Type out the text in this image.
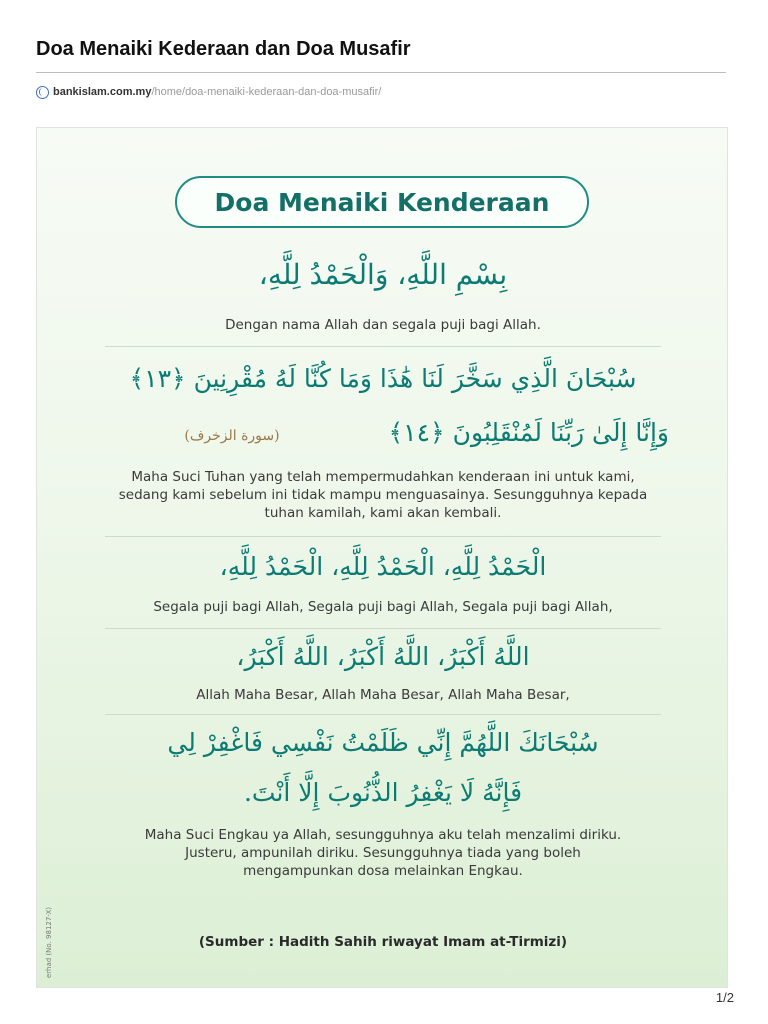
Doa Menaiki Kederaan dan Doa Musafir
bankislam.com.my /home/doa-menaiki-kederaan-dan-doa-musafir/
Doa Menaiki Kenderaan
بِسْمِ اللَّهِ، وَالْحَمْدُ لِلَّهِ،
Dengan nama Allah dan segala puji bagi Allah.
سُبْحَانَ الَّذِي سَخَّرَ لَنَا هَٰذَا وَمَا كُنَّا لَهُ مُقْرِنِينَ ﴿١٣﴾
وَإِنَّا إِلَىٰ رَبِّنَا لَمُنْقَلِبُونَ ﴿١٤﴾
(سورة الزخرف)
Maha Suci Tuhan yang telah mempermudahkan kenderaan ini untuk kami,
sedang kami sebelum ini tidak mampu menguasainya. Sesungguhnya kepada
tuhan kamilah, kami akan kembali.
الْحَمْدُ لِلَّهِ، الْحَمْدُ لِلَّهِ، الْحَمْدُ لِلَّهِ،
Segala puji bagi Allah, Segala puji bagi Allah, Segala puji bagi Allah,
اللَّهُ أَكْبَرُ، اللَّهُ أَكْبَرُ، اللَّهُ أَكْبَرُ،
Allah Maha Besar, Allah Maha Besar, Allah Maha Besar,
سُبْحَانَكَ اللَّهُمَّ إِنِّي ظَلَمْتُ نَفْسِي فَاغْفِرْ لِي
فَإِنَّهُ لَا يَغْفِرُ الذُّنُوبَ إِلَّا أَنْتَ.
Maha Suci Engkau ya Allah, sesungguhnya aku telah menzalimi diriku.
Justeru, ampunilah diriku. Sesungguhnya tiada yang boleh
mengampunkan dosa melainkan Engkau.
(Sumber : Hadith Sahih riwayat Imam at-Tirmizi)
erhad (No. 98127-X)
1/2
